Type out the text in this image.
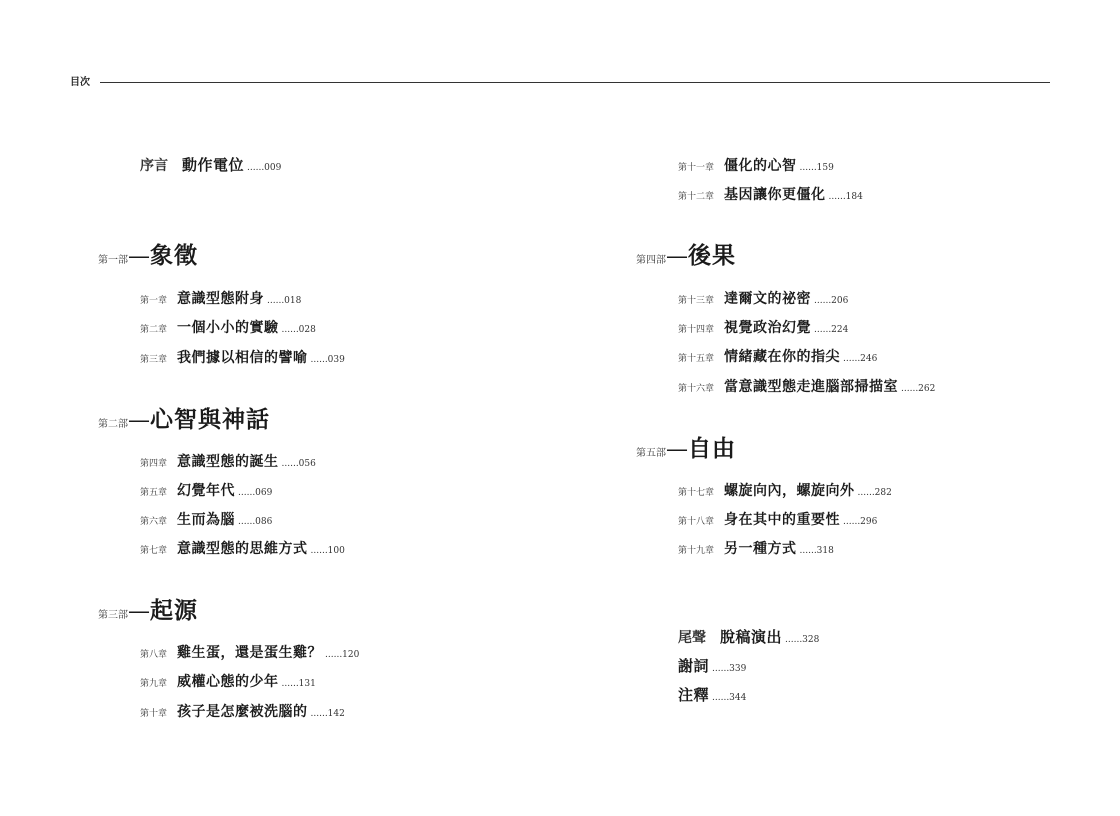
目次
序言 動作電位 ......009
第一部—象徵
第一章 意識型態附身 ......018
第二章 一個小小的實驗 ......028
第三章 我們據以相信的譬喻 ......039
第二部—心智與神話
第四章 意識型態的誕生 ......056
第五章 幻覺年代 ......069
第六章 生而為腦 ......086
第七章 意識型態的思維方式 ......100
第三部—起源
第八章 雞生蛋，還是蛋生雞？ ......120
第九章 威權心態的少年 ......131
第十章 孩子是怎麼被洗腦的 ......142
第十一章 僵化的心智 ......159
第十二章 基因讓你更僵化 ......184
第四部—後果
第十三章 達爾文的祕密 ......206
第十四章 視覺政治幻覺 ......224
第十五章 情緒藏在你的指尖 ......246
第十六章 當意識型態走進腦部掃描室 ......262
第五部—自由
第十七章 螺旋向內，螺旋向外 ......282
第十八章 身在其中的重要性 ......296
第十九章 另一種方式 ......318
尾聲 脫稿演出 ......328
謝詞 ......339
注釋 ......344
